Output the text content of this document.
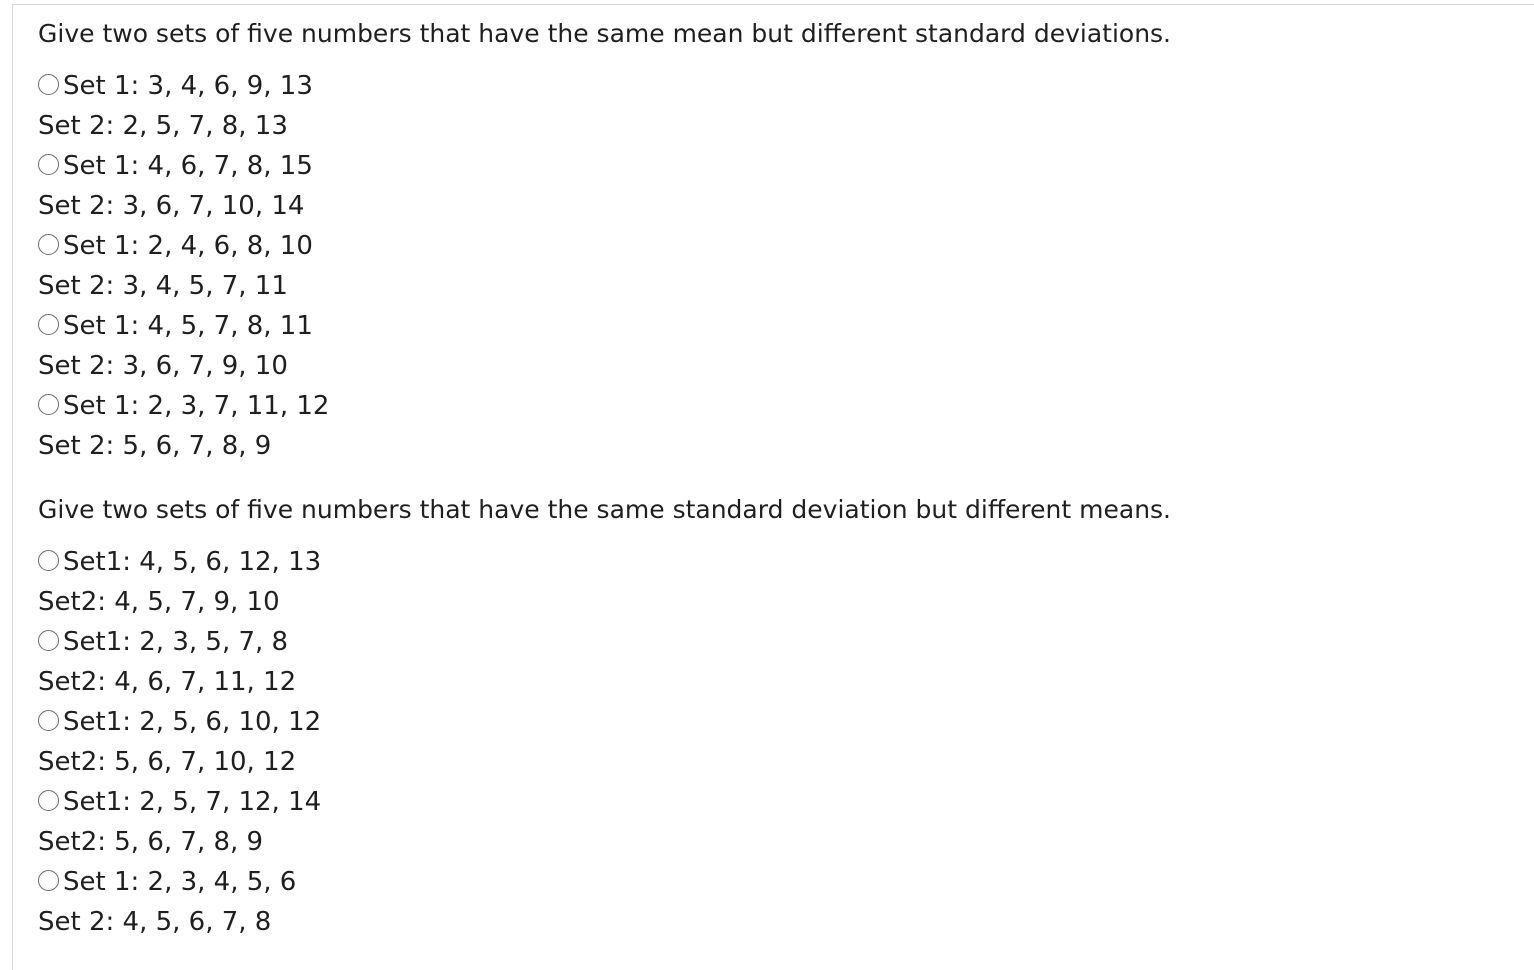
Give two sets of five numbers that have the same mean but different standard deviations.

Set 1: 3, 4, 6, 9, 13
Set 2: 2, 5, 7, 8, 13
Set 1: 4, 6, 7, 8, 15
Set 2: 3, 6, 7, 10, 14
Set 1: 2, 4, 6, 8, 10
Set 2: 3, 4, 5, 7, 11
Set 1: 4, 5, 7, 8, 11
Set 2: 3, 6, 7, 9, 10
Set 1: 2, 3, 7, 11, 12
Set 2: 5, 6, 7, 8, 9

Give two sets of five numbers that have the same standard deviation but different means.

Set1: 4, 5, 6, 12, 13
Set2: 4, 5, 7, 9, 10
Set1: 2, 3, 5, 7, 8
Set2: 4, 6, 7, 11, 12
Set1: 2, 5, 6, 10, 12
Set2: 5, 6, 7, 10, 12
Set1: 2, 5, 7, 12, 14
Set2: 5, 6, 7, 8, 9
Set 1: 2, 3, 4, 5, 6
Set 2: 4, 5, 6, 7, 8
